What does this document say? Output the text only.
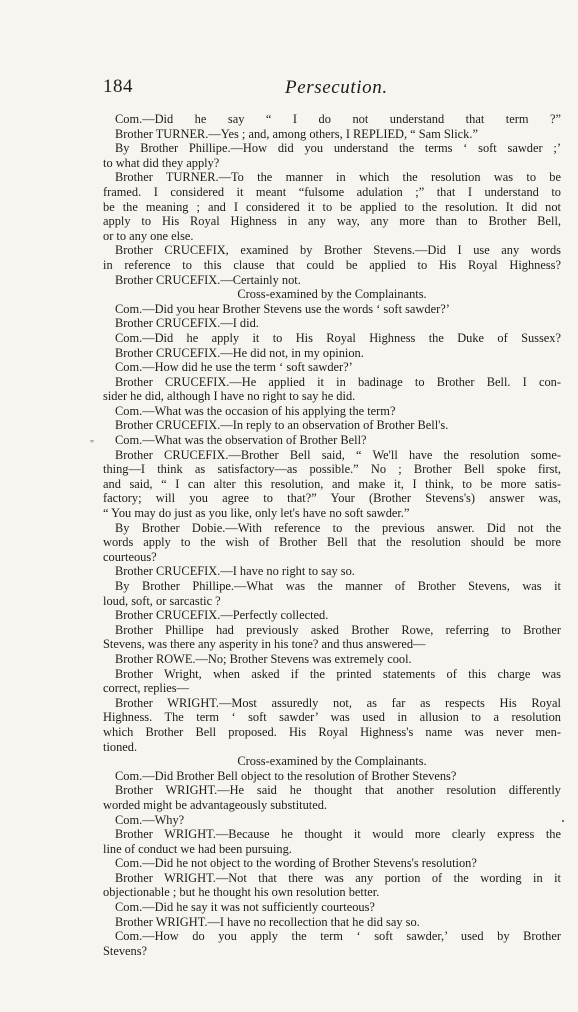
184	Persecution.
"
Com.—Did he say “ I do not understand that term ?”
Brother TURNER.—Yes ; and, among others, I REPLIED, “ Sam Slick.”
By Brother Phillipe.—How did you understand the terms ‘ soft sawder ;’
to what did they apply?
Brother TURNER.—To the manner in which the resolution was to be
framed. I considered it meant “fulsome adulation ;” that I understand to
be the meaning ; and I considered it to be applied to the resolution. It did not
apply to His Royal Highness in any way, any more than to Brother Bell,
or to any one else.
Brother CRUCEFIX, examined by Brother Stevens.—Did I use any words
in reference to this clause that could be applied to His Royal Highness?
Brother CRUCEFIX.—Certainly not.
Cross-examined by the Complainants.
Com.—Did you hear Brother Stevens use the words ‘ soft sawder?’
Brother CRUCEFIX.—I did.
Com.—Did he apply it to His Royal Highness the Duke of Sussex?
Brother CRUCEFIX.—He did not, in my opinion.
Com.—How did he use the term ‘ soft sawder?’
Brother CRUCEFIX.—He applied it in badinage to Brother Bell. I con-
sider he did, although I have no right to say he did.
Com.—What was the occasion of his applying the term?
Brother CRUCEFIX.—In reply to an observation of Brother Bell's.
Com.—What was the observation of Brother Bell?
Brother CRUCEFIX.—Brother Bell said, “ We'll have the resolution some-
thing—I think as satisfactory—as possible.” No ; Brother Bell spoke first,
and said, “ I can alter this resolution, and make it, I think, to be more satis-
factory; will you agree to that?” Your (Brother Stevens's) answer was,
“ You may do just as you like, only let's have no soft sawder.”
By Brother Dobie.—With reference to the previous answer. Did not the
words apply to the wish of Brother Bell that the resolution should be more
courteous?
Brother CRUCEFIX.—I have no right to say so.
By Brother Phillipe.—What was the manner of Brother Stevens, was it
loud, soft, or sarcastic ?
Brother CRUCEFIX.—Perfectly collected.
Brother Phillipe had previously asked Brother Rowe, referring to Brother
Stevens, was there any asperity in his tone? and thus answered—
Brother ROWE.—No; Brother Stevens was extremely cool.
Brother Wright, when asked if the printed statements of this charge was
correct, replies—
Brother WRIGHT.—Most assuredly not, as far as respects His Royal
Highness. The term ‘ soft sawder’ was used in allusion to a resolution
which Brother Bell proposed. His Royal Highness's name was never men-
tioned.
Cross-examined by the Complainants.
Com.—Did Brother Bell object to the resolution of Brother Stevens?
Brother WRIGHT.—He said he thought that another resolution differently
worded might be advantageously substituted.
Com.—Why?
Brother WRIGHT.—Because he thought it would more clearly express the
line of conduct we had been pursuing.
Com.—Did he not object to the wording of Brother Stevens's resolution?
Brother WRIGHT.—Not that there was any portion of the wording in it
objectionable ; but he thought his own resolution better.
Com.—Did he say it was not sufficiently courteous?
Brother WRIGHT.—I have no recollection that he did say so.
Com.—How do you apply the term ‘ soft sawder,’ used by Brother
Stevens?
